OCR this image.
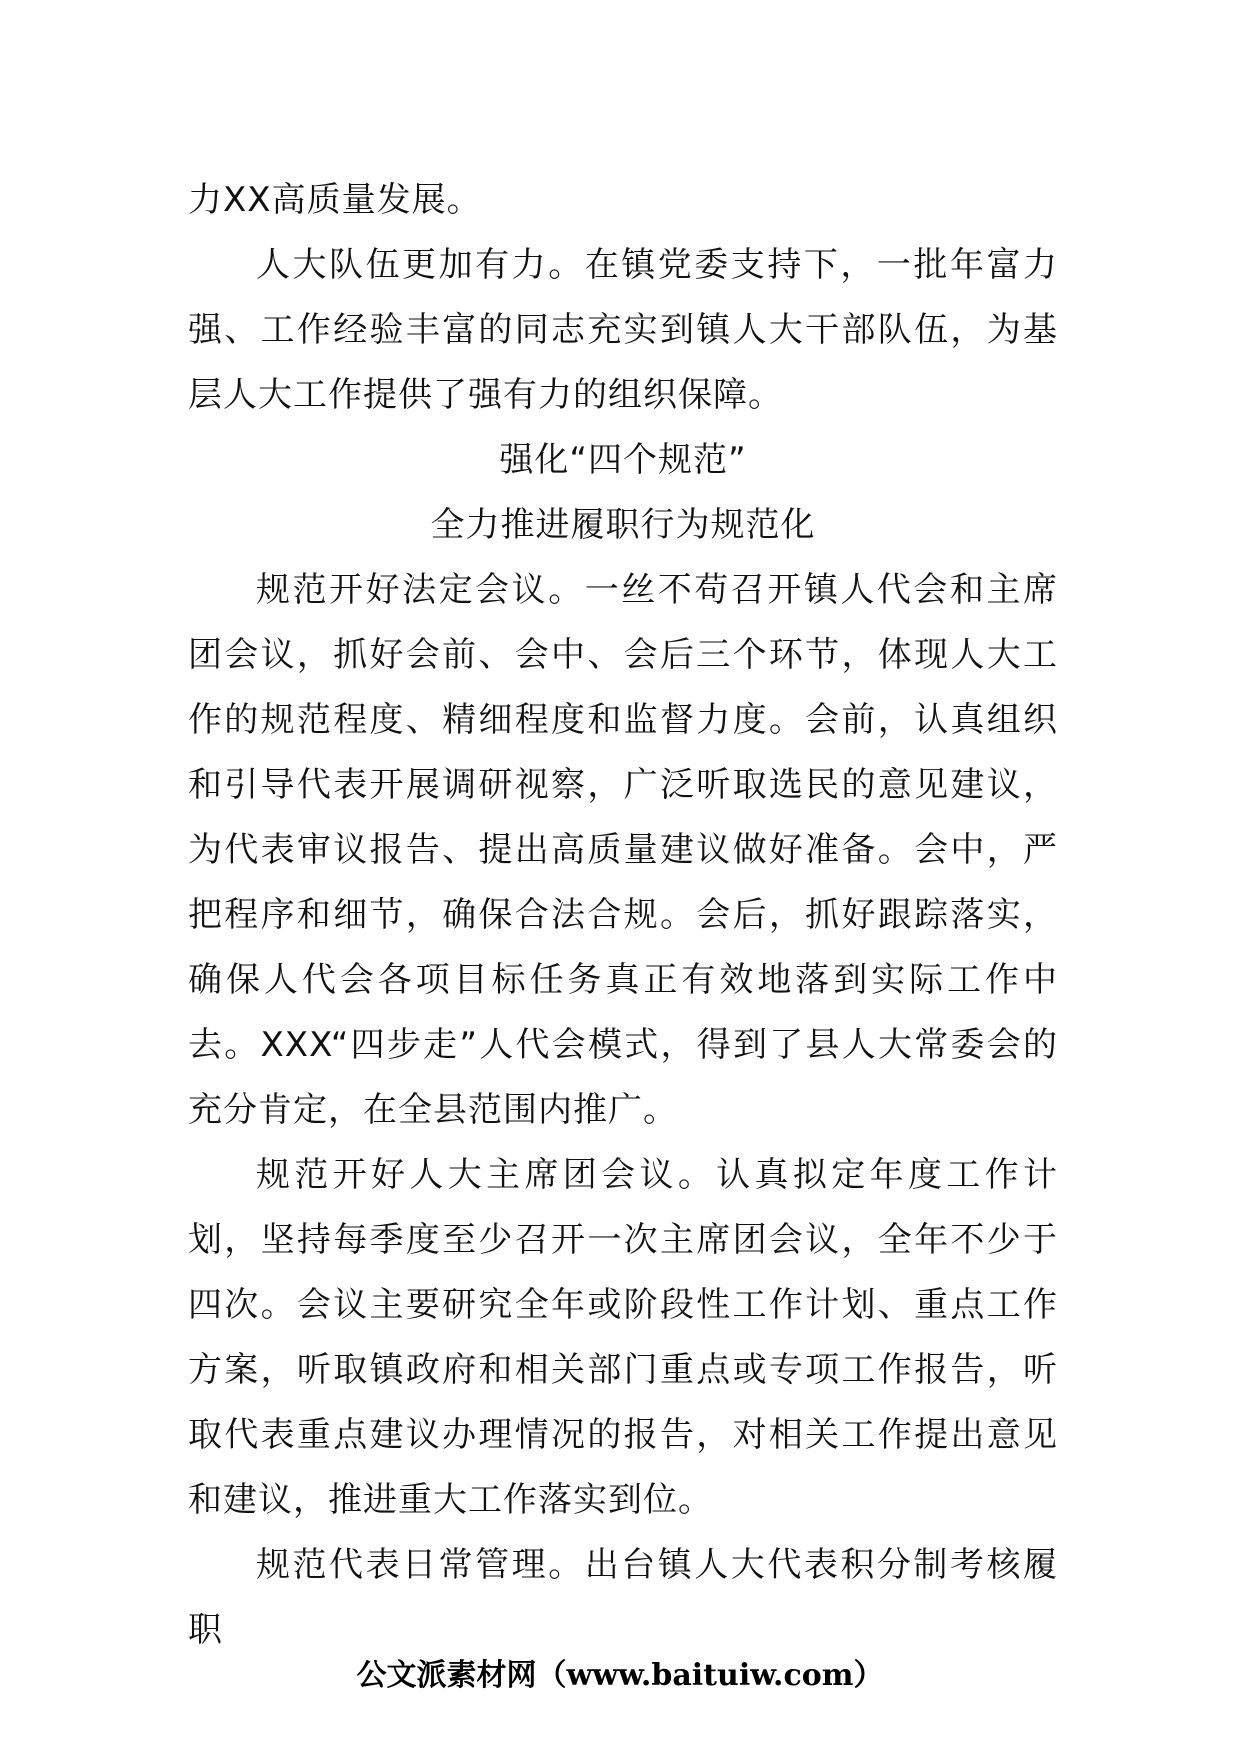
力XX高质量发展。

人大队伍更加有力。在镇党委支持下，一批年富力强、工作经验丰富的同志充实到镇人大干部队伍，为基层人大工作提供了强有力的组织保障。

强化“四个规范”

全力推进履职行为规范化

规范开好法定会议。一丝不苟召开镇人代会和主席团会议，抓好会前、会中、会后三个环节，体现人大工作的规范程度、精细程度和监督力度。会前，认真组织和引导代表开展调研视察，广泛听取选民的意见建议，为代表审议报告、提出高质量建议做好准备。会中，严把程序和细节，确保合法合规。会后，抓好跟踪落实，确保人代会各项目标任务真正有效地落到实际工作中去。XXX“四步走”人代会模式，得到了县人大常委会的充分肯定，在全县范围内推广。

规范开好人大主席团会议。认真拟定年度工作计划，坚持每季度至少召开一次主席团会议，全年不少于四次。会议主要研究全年或阶段性工作计划、重点工作方案，听取镇政府和相关部门重点或专项工作报告，听取代表重点建议办理情况的报告，对相关工作提出意见和建议，推进重大工作落实到位。

规范代表日常管理。出台镇人大代表积分制考核履职

公文派素材网（www.baituiw.com）
